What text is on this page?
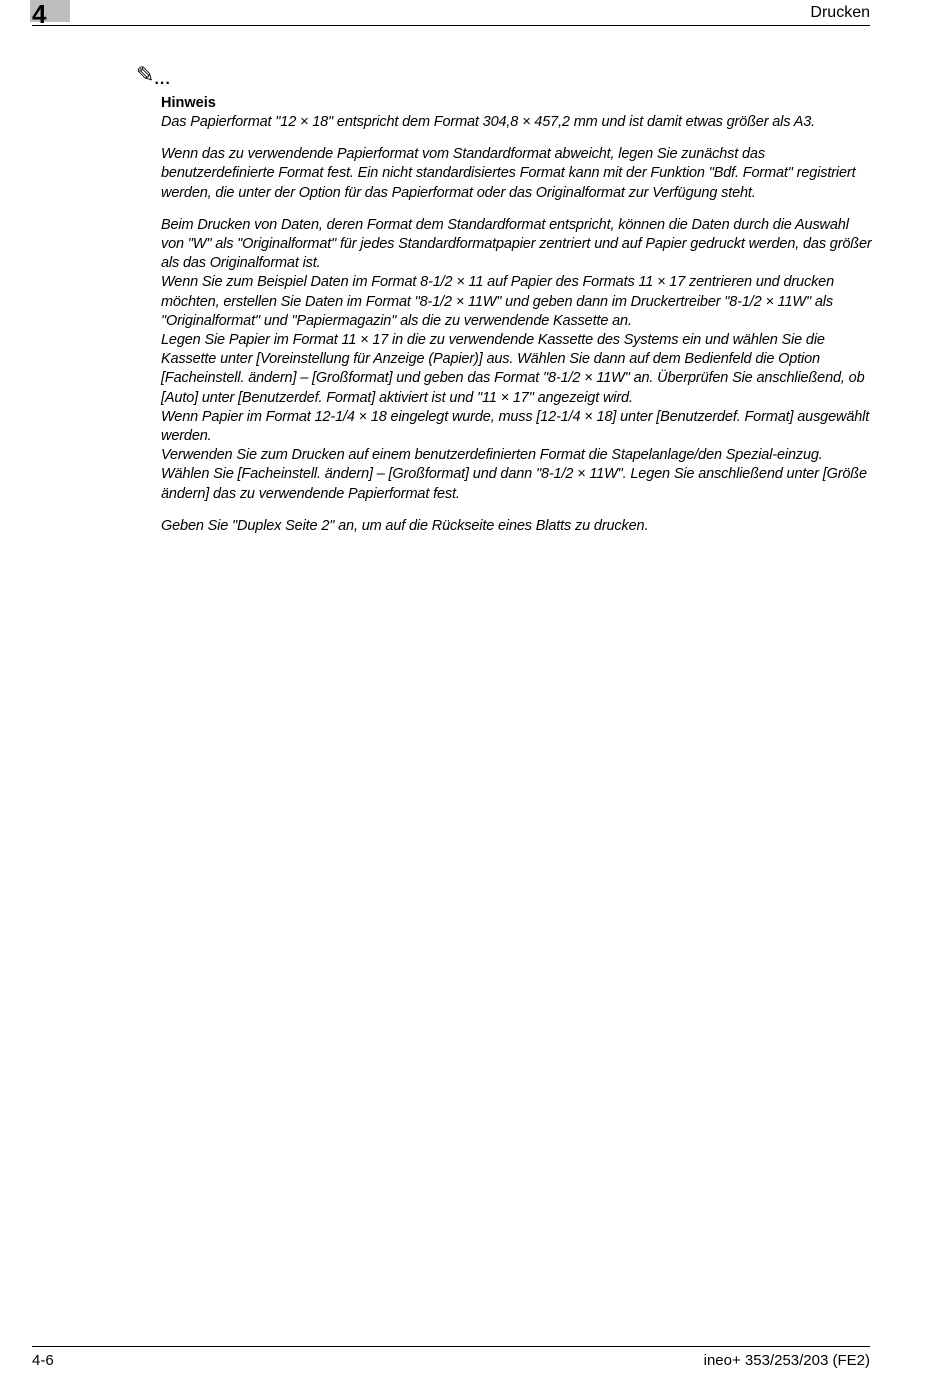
4	Drucken
✎...

Hinweis

Das Papierformat "12 × 18" entspricht dem Format 304,8 × 457,2 mm und ist damit etwas größer als A3.

Wenn das zu verwendende Papierformat vom Standardformat abweicht, legen Sie zunächst das benutzerdefinierte Format fest. Ein nicht standardisiertes Format kann mit der Funktion "Bdf. Format" registriert werden, die unter der Option für das Papierformat oder das Originalformat zur Verfügung steht.

Beim Drucken von Daten, deren Format dem Standardformat entspricht, können die Daten durch die Auswahl von "W" als "Originalformat" für jedes Standardformatpapier zentriert und auf Papier gedruckt werden, das größer als das Originalformat ist.
Wenn Sie zum Beispiel Daten im Format 8-1/2 × 11 auf Papier des Formats 11 × 17 zentrieren und drucken möchten, erstellen Sie Daten im Format "8-1/2 × 11W" und geben dann im Druckertreiber "8-1/2 × 11W" als "Originalformat" und "Papiermagazin" als die zu verwendende Kassette an.
Legen Sie Papier im Format 11 × 17 in die zu verwendende Kassette des Systems ein und wählen Sie die Kassette unter [Voreinstellung für Anzeige (Papier)] aus. Wählen Sie dann auf dem Bedienfeld die Option [Facheinstell. ändern] – [Großformat] und geben das Format "8-1/2 × 11W" an. Überprüfen Sie anschließend, ob [Auto] unter [Benutzerdef. Format] aktiviert ist und "11 × 17" angezeigt wird.
Wenn Papier im Format 12-1/4 × 18 eingelegt wurde, muss [12-1/4 × 18] unter [Benutzerdef. Format] ausgewählt werden.
Verwenden Sie zum Drucken auf einem benutzerdefinierten Format die Stapelanlage/den Spezial-einzug. Wählen Sie [Facheinstell. ändern] – [Großformat] und dann "8-1/2 × 11W". Legen Sie anschließend unter [Größe ändern] das zu verwendende Papierformat fest.

Geben Sie "Duplex Seite 2" an, um auf die Rückseite eines Blatts zu drucken.

4-6	ineo+ 353/253/203 (FE2)
